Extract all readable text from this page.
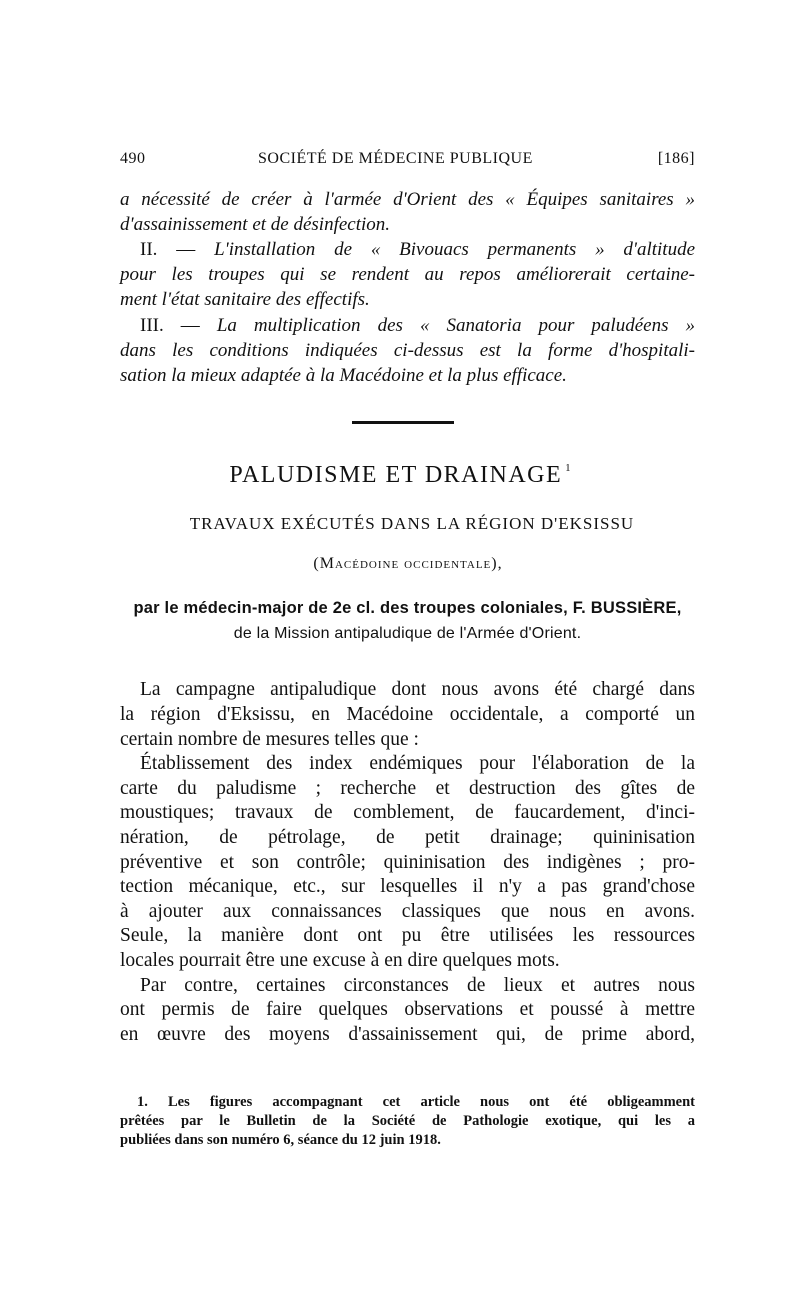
490	SOCIÉTÉ DE MÉDECINE PUBLIQUE	[186]
a nécessité de créer à l'armée d'Orient des « Équipes sanitaires »
d'assainissement et de désinfection.
II. — L'installation de « Bivouacs permanents » d'altitude
pour les troupes qui se rendent au repos améliorerait certaine-
ment l'état sanitaire des effectifs.
III. — La multiplication des « Sanatoria pour paludéens »
dans les conditions indiquées ci-dessus est la forme d'hospitali-
sation la mieux adaptée à la Macédoine et la plus efficace.
PALUDISME ET DRAINAGE $^1$
TRAVAUX EXÉCUTÉS DANS LA RÉGION D'EKSISSU
(Macédoine occidentale),
par le médecin-major de 2e cl. des troupes coloniales, F. BUSSIÈRE,
de la Mission antipaludique de l'Armée d'Orient.
La campagne antipaludique dont nous avons été chargé dans
la région d'Eksissu, en Macédoine occidentale, a comporté un
certain nombre de mesures telles que :
Établissement des index endémiques pour l'élaboration de la
carte du paludisme ; recherche et destruction des gîtes de
moustiques; travaux de comblement, de faucardement, d'inci-
nération, de pétrolage, de petit drainage; quininisation
préventive et son contrôle; quininisation des indigènes ; pro-
tection mécanique, etc., sur lesquelles il n'y a pas grand'chose
à ajouter aux connaissances classiques que nous en avons.
Seule, la manière dont ont pu être utilisées les ressources
locales pourrait être une excuse à en dire quelques mots.
Par contre, certaines circonstances de lieux et autres nous
ont permis de faire quelques observations et poussé à mettre
en œuvre des moyens d'assainissement qui, de prime abord,
1. Les figures accompagnant cet article nous ont été obligeamment
prêtées par le Bulletin de la Société de Pathologie exotique, qui les a
publiées dans son numéro 6, séance du 12 juin 1918.
